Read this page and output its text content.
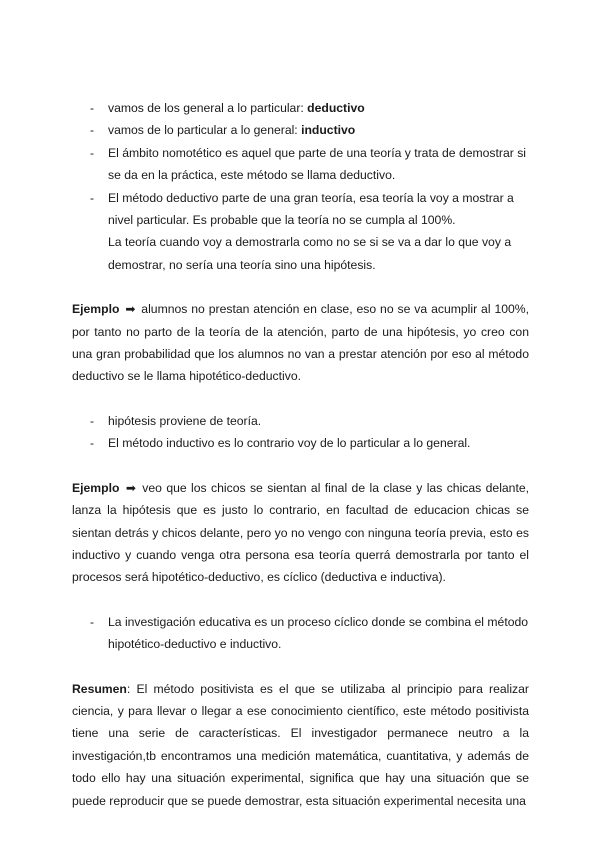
- vamos de los general a lo particular: deductivo
- vamos de lo particular a lo general: inductivo
- El ámbito nomotético es aquel que parte de una teoría y trata de demostrar si se da en la práctica, este método se llama deductivo.
- El método deductivo parte de una gran teoría, esa teoría la voy a mostrar a nivel particular. Es probable que la teoría no se cumpla al 100%.
La teoría cuando voy a demostrarla como no se si se va a dar lo que voy a demostrar, no sería una teoría sino una hipótesis.

Ejemplo ➡ alumnos no prestan atención en clase, eso no se va acumplir al 100%, por tanto no parto de la teoría de la atención, parto de una hipótesis, yo creo con una gran probabilidad que los alumnos no van a prestar atención por eso al método deductivo se le llama hipotético-deductivo.

- hipótesis proviene de teoría.
- El método inductivo es lo contrario voy de lo particular a lo general.

Ejemplo ➡ veo que los chicos se sientan al final de la clase y las chicas delante, lanza la hipótesis que es justo lo contrario, en facultad de educacion chicas se sientan detrás y chicos delante, pero yo no vengo con ninguna teoría previa, esto es inductivo y cuando venga otra persona esa teoría querrá demostrarla por tanto el procesos será hipotético-deductivo, es cíclico (deductiva e inductiva).

- La investigación educativa es un proceso cíclico donde se combina el método hipotético-deductivo e inductivo.

Resumen: El método positivista es el que se utilizaba al principio para realizar ciencia, y para llevar o llegar a ese conocimiento científico, este método positivista tiene una serie de características. El investigador permanece neutro a la investigación,tb encontramos una medición matemática, cuantitativa, y además de todo ello hay una situación experimental, significa que hay una situación que se puede reproducir que se puede demostrar, esta situación experimental necesita una
